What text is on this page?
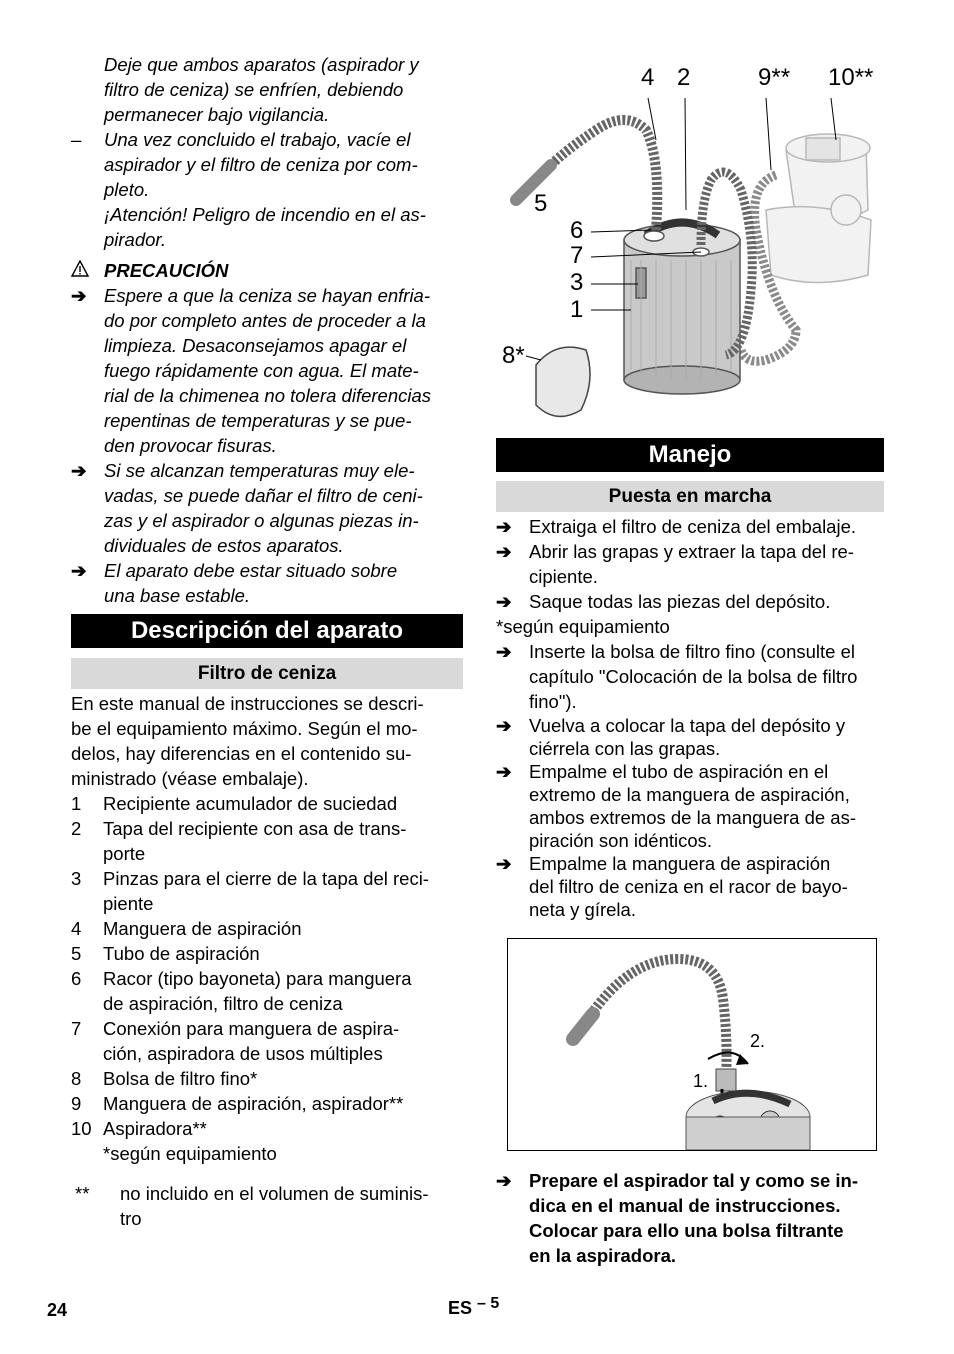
Deje que ambos aparatos (aspirador y
filtro de ceniza) se enfríen, debiendo
permanecer bajo vigilancia.
– Una vez concluido el trabajo, vacíe el
aspirador y el filtro de ceniza por com-
pleto.
¡Atención! Peligro de incendio en el as-
pirador.
PRECAUCIÓN
➔ Espere a que la ceniza se hayan enfria-
do por completo antes de proceder a la
limpieza. Desaconsejamos apagar el
fuego rápidamente con agua. El mate-
rial de la chimenea no tolera diferencias
repentinas de temperaturas y se pue-
den provocar fisuras.
➔ Si se alcanzan temperaturas muy ele-
vadas, se puede dañar el filtro de ceni-
zas y el aspirador o algunas piezas in-
dividuales de estos aparatos.
➔ El aparato debe estar situado sobre
una base estable.
Descripción del aparato
Filtro de ceniza
En este manual de instrucciones se descri-
be el equipamiento máximo. Según el mo-
delos, hay diferencias en el contenido su-
ministrado (véase embalaje).
1 Recipiente acumulador de suciedad
2 Tapa del recipiente con asa de trans-
porte
3 Pinzas para el cierre de la tapa del reci-
piente
4 Manguera de aspiración
5 Tubo de aspiración
6 Racor (tipo bayoneta) para manguera
de aspiración, filtro de ceniza
7 Conexión para manguera de aspira-
ción, aspiradora de usos múltiples
8 Bolsa de filtro fino*
9 Manguera de aspiración, aspirador**
10 Aspiradora**
*según equipamiento
** no incluido en el volumen de suminis-
tro
4 2	9** 10**
5
6
7
3
1
8*
Manejo
Puesta en marcha
➔ Extraiga el filtro de ceniza del embalaje.
➔ Abrir las grapas y extraer la tapa del re-
cipiente.
➔ Saque todas las piezas del depósito.
*según equipamiento
➔ Inserte la bolsa de filtro fino (consulte el
capítulo "Colocación de la bolsa de filtro
fino").
➔ Vuelva a colocar la tapa del depósito y
ciérrela con las grapas.
➔ Empalme el tubo de aspiración en el
extremo de la manguera de aspiración,
ambos extremos de la manguera de as-
piración son idénticos.
➔ Empalme la manguera de aspiración
del filtro de ceniza en el racor de bayo-
neta y gírela.
2.
1.
➔ Prepare el aspirador tal y como se in-
dica en el manual de instrucciones.
Colocar para ello una bolsa filtrante
en la aspiradora.
24	ES – 5
